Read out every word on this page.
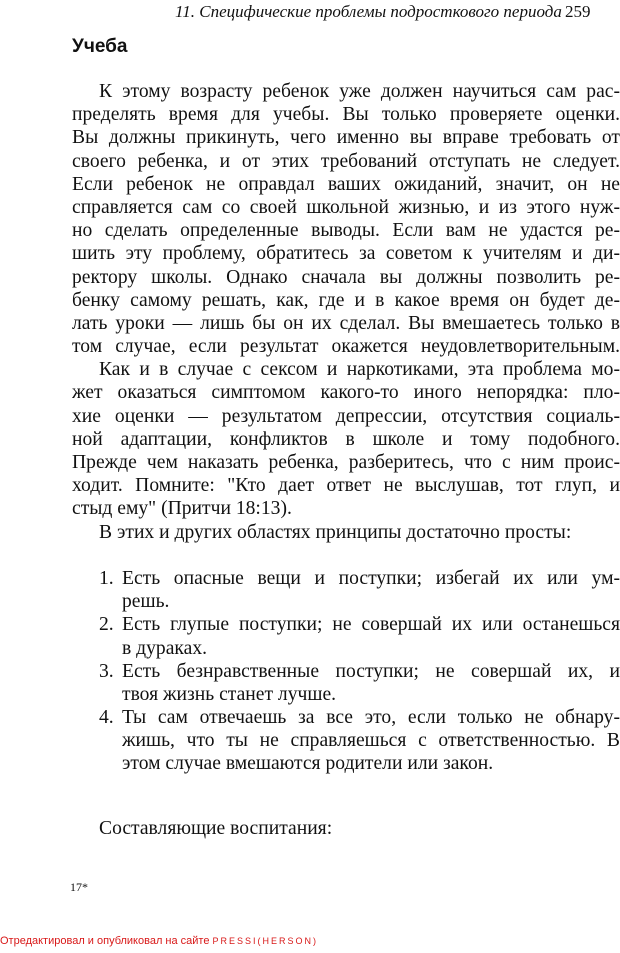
11. Специфические проблемы подросткового периода 259
Учеба
К этому возрасту ребенок уже должен научиться сам рас-
пределять время для учебы. Вы только проверяете оценки.
Вы должны прикинуть, чего именно вы вправе требовать от
своего ребенка, и от этих требований отступать не следует.
Если ребенок не оправдал ваших ожиданий, значит, он не
справляется сам со своей школьной жизнью, и из этого нуж-
но сделать определенные выводы. Если вам не удастся ре-
шить эту проблему, обратитесь за советом к учителям и ди-
ректору школы. Однако сначала вы должны позволить ре-
бенку самому решать, как, где и в какое время он будет де-
лать уроки — лишь бы он их сделал. Вы вмешаетесь только в
том случае, если результат окажется неудовлетворительным.
Как и в случае с сексом и наркотиками, эта проблема мо-
жет оказаться симптомом какого-то иного непорядка: пло-
хие оценки — результатом депрессии, отсутствия социаль-
ной адаптации, конфликтов в школе и тому подобного.
Прежде чем наказать ребенка, разберитесь, что с ним проис-
ходит. Помните: "Кто дает ответ не выслушав, тот глуп, и
стыд ему" (Притчи 18:13).
В этих и других областях принципы достаточно просты:
1. Есть опасные вещи и поступки; избегай их или ум-
решь.
2. Есть глупые поступки; не совершай их или останешься
в дураках.
3. Есть безнравственные поступки; не совершай их, и
твоя жизнь станет лучше.
4. Ты сам отвечаешь за все это, если только не обнару-
жишь, что ты не справляешься с ответственностью. В
этом случае вмешаются родители или закон.
Составляющие воспитания:
17*
Отредактировал и опубликовал на сайте PRESSI(HERSON)
